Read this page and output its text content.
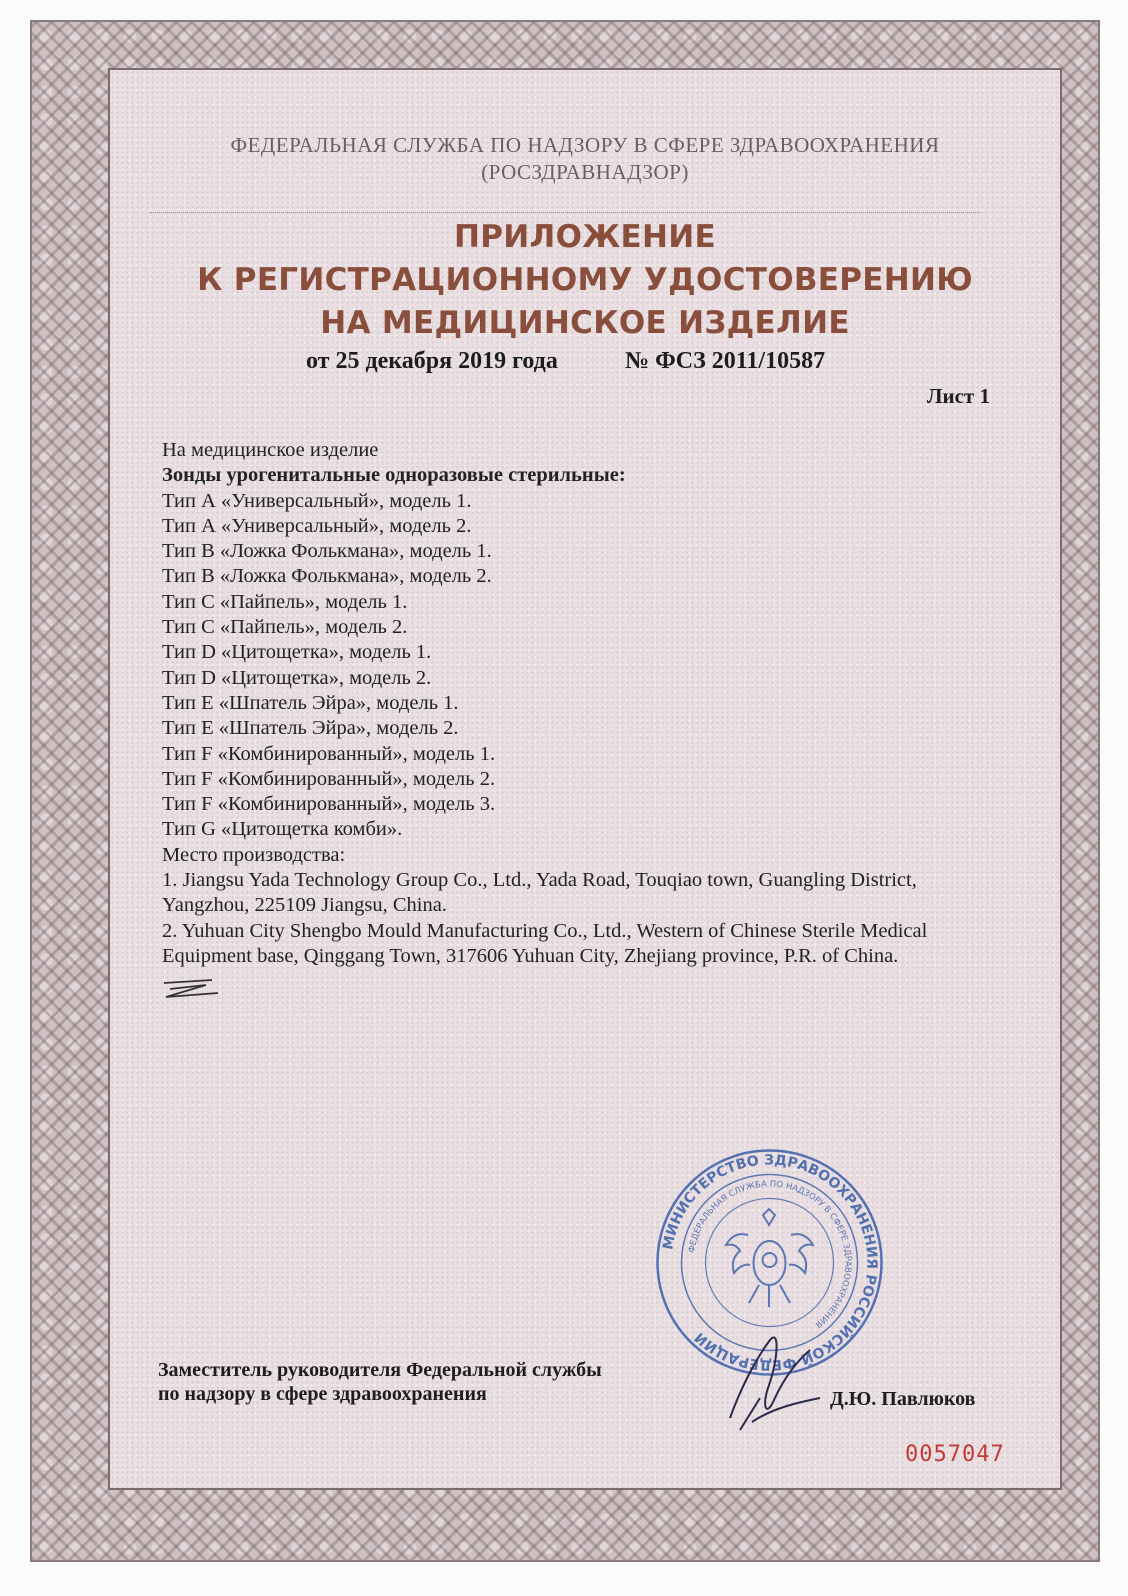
ФЕДЕРАЛЬНАЯ СЛУЖБА ПО НАДЗОРУ В СФЕРЕ ЗДРАВООХРАНЕНИЯ
(РОСЗДРАВНАДЗОР)
ПРИЛОЖЕНИЕ
К РЕГИСТРАЦИОННОМУ УДОСТОВЕРЕНИЮ
НА МЕДИЦИНСКОЕ ИЗДЕЛИЕ
от 25 декабря 2019 года	№ ФСЗ 2011/10587
Лист 1
На медицинское изделие
Зонды урогенитальные одноразовые стерильные:
Тип А «Универсальный», модель 1.
Тип А «Универсальный», модель 2.
Тип В «Ложка Фолькмана», модель 1.
Тип В «Ложка Фолькмана», модель 2.
Тип С «Пайпель», модель 1.
Тип С «Пайпель», модель 2.
Тип D «Цитощетка», модель 1.
Тип D «Цитощетка», модель 2.
Тип Е «Шпатель Эйра», модель 1.
Тип Е «Шпатель Эйра», модель 2.
Тип F «Комбинированный», модель 1.
Тип F «Комбинированный», модель 2.
Тип F «Комбинированный», модель 3.
Тип G «Цитощетка комби».
Место производства:
1. Jiangsu Yada Technology Group Co., Ltd., Yada Road, Touqiao town, Guangling District, Yangzhou, 225109 Jiangsu, China.
2. Yuhuan City Shengbo Mould Manufacturing Co., Ltd., Western of Chinese Sterile Medical Equipment base, Qinggang Town, 317606 Yuhuan City, Zhejiang province, P.R. of China.
МИНИСТЕРСТВО ЗДРАВООХРАНЕНИЯ РОССИЙСКОЙ ФЕДЕРАЦИИ
ФЕДЕРАЛЬНАЯ СЛУЖБА ПО НАДЗОРУ В СФЕРЕ ЗДРАВООХРАНЕНИЯ
Заместитель руководителя Федеральной службы
по надзору в сфере здравоохранения	Д.Ю. Павлюков
0057047
